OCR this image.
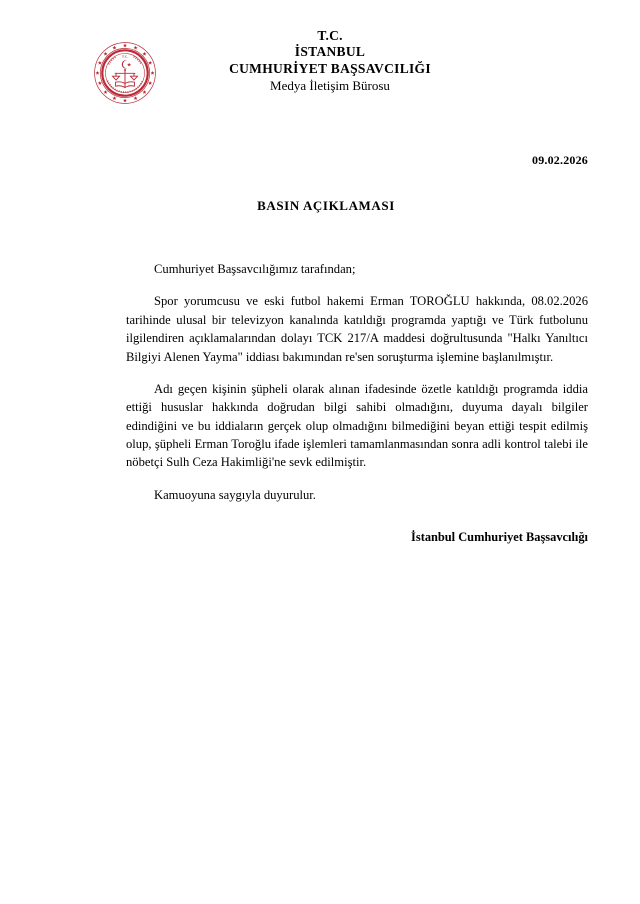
T.C.
T.C.
İSTANBUL
CUMHURİYET BAŞSAVCILIĞI
Medya İletişim Bürosu
09.02.2026
BASIN AÇIKLAMASI

Cumhuriyet Başsavcılığımız tarafından;

Spor yorumcusu ve eski futbol hakemi Erman TOROĞLU hakkında, 08.02.2026 tarihinde ulusal bir televizyon kanalında katıldığı programda yaptığı ve Türk futbolunu ilgilendiren açıklamalarından dolayı TCK 217/A maddesi doğrultusunda "Halkı Yanıltıcı Bilgiyi Alenen Yayma" iddiası bakımından re'sen soruşturma işlemine başlanılmıştır.

Adı geçen kişinin şüpheli olarak alınan ifadesinde özetle katıldığı programda iddia ettiği hususlar hakkında doğrudan bilgi sahibi olmadığını, duyuma dayalı bilgiler edindiğini ve bu iddiaların gerçek olup olmadığını bilmediğini beyan ettiği tespit edilmiş olup, şüpheli Erman Toroğlu ifade işlemleri tamamlanmasından sonra adli kontrol talebi ile nöbetçi Sulh Ceza Hakimliği'ne sevk edilmiştir.

Kamuoyuna saygıyla duyurulur.

İstanbul Cumhuriyet Başsavcılığı
